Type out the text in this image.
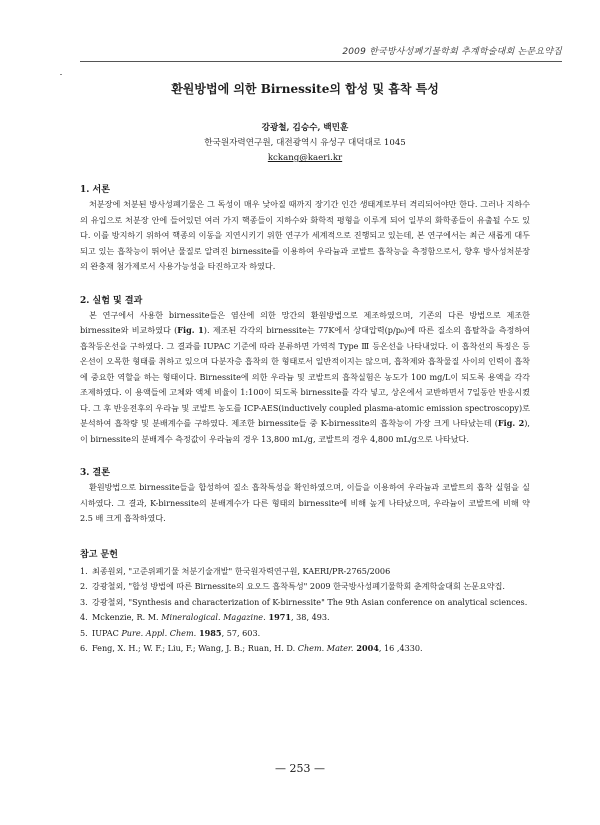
2009 한국방사성폐기물학회 추계학술대회 논문요약집
환원방법에 의한 Birnessite의 합성 및 흡착 특성
강광철, 김승수, 백민훈
한국원자력연구원, 대전광역시 유성구 대덕대로 1045
kckang@kaeri.kr
1. 서론

처분장에 처분된 방사성폐기물은 그 독성이 매우 낮아질 때까지 장기간 인간 생태계로부터 격리되어야만 한다. 그러나 지하수의 유입으로 처분장 안에 들어있던 여러 가지 핵종들이 지하수와 화학적 평형을 이루게 되어 일부의 화학종들이 유출될 수도 있다. 이를 방지하기 위하여 핵종의 이동을 지연시키기 위한 연구가 세계적으로 진행되고 있는데, 본 연구에서는 최근 새롭게 대두되고 있는 흡착능이 뛰어난 물질로 알려진 birnessite를 이용하여 우라늄과 코발트 흡착능을 측정함으로서, 향후 방사성처분장의 완충재 첨가제로서 사용가능성을 타진하고자 하였다.

2. 실험 및 결과

본 연구에서 사용한 birnessite들은 염산에 의한 망간의 환원방법으로 제조하였으며, 기존의 다른 방법으로 제조한 birnessite와 비교하였다 (Fig. 1). 제조된 각각의 birnessite는 77K에서 상대압력(p/p₀)에 따른 질소의 흡탈착을 측정하여 흡착등온선을 구하였다. 그 결과를 IUPAC 기준에 따라 분류하면 가역적 Type Ⅲ 등온선을 나타내었다. 이 흡착선의 특징은 등온선이 오목한 형태를 취하고 있으며 다분자층 흡착의 한 형태로서 일반적이지는 않으며, 흡착제와 흡착물질 사이의 인력이 흡착에 중요한 역할을 하는 형태이다. Birnessite에 의한 우라늄 및 코발트의 흡착실험은 농도가 100 mg/L이 되도록 용액을 각각 조제하였다. 이 용액들에 고체와 액체 비율이 1:100이 되도록 birnessite를 각각 넣고, 상온에서 교반하면서 7일동안 반응시켰다. 그 후 반응전후의 우라늄 및 코발트 농도를 ICP-AES(inductively coupled plasma-atomic emission spectroscopy)로 분석하여 흡착량 및 분배계수를 구하였다. 제조한 birnessite들 중 K-birnessite의 흡착능이 가장 크게 나타났는데 (Fig. 2), 이 birnessite의 분배계수 측정값이 우라늄의 경우 13,800 mL/g, 코발트의 경우 4,800 mL/g으로 나타났다.

3. 결론

환원방법으로 birnessite들을 합성하여 질소 흡착특성을 확인하였으며, 이들을 이용하여 우라늄과 코발트의 흡착 실험을 실시하였다. 그 결과, K-birnessite의 분배계수가 다른 형태의 birnessite에 비해 높게 나타났으며, 우라늄이 코발트에 비해 약 2.5 배 크게 흡착하였다.

참고 문헌
1. 최종원외, "고준위폐기물 처분기술개발" 한국원자력연구원, KAERI/PR-2765/2006
2. 강광철외, "합성 방법에 따른 Birnessite의 요오드 흡착특성" 2009 한국방사성폐기물학회 춘계학술대회 논문요약집.
3. 강광철외, "Synthesis and characterization of K-birnessite" The 9th Asian conference on analytical sciences.
4. Mckenzie, R. M. Mineralogical. Magazine. 1971, 38, 493.
5. IUPAC Pure. Appl. Chem. 1985, 57, 603.
6. Feng, X. H.; W. F.; Liu, F.; Wang, J. B.; Ruan, H. D. Chem. Mater. 2004, 16 ,4330.
— 253 —
